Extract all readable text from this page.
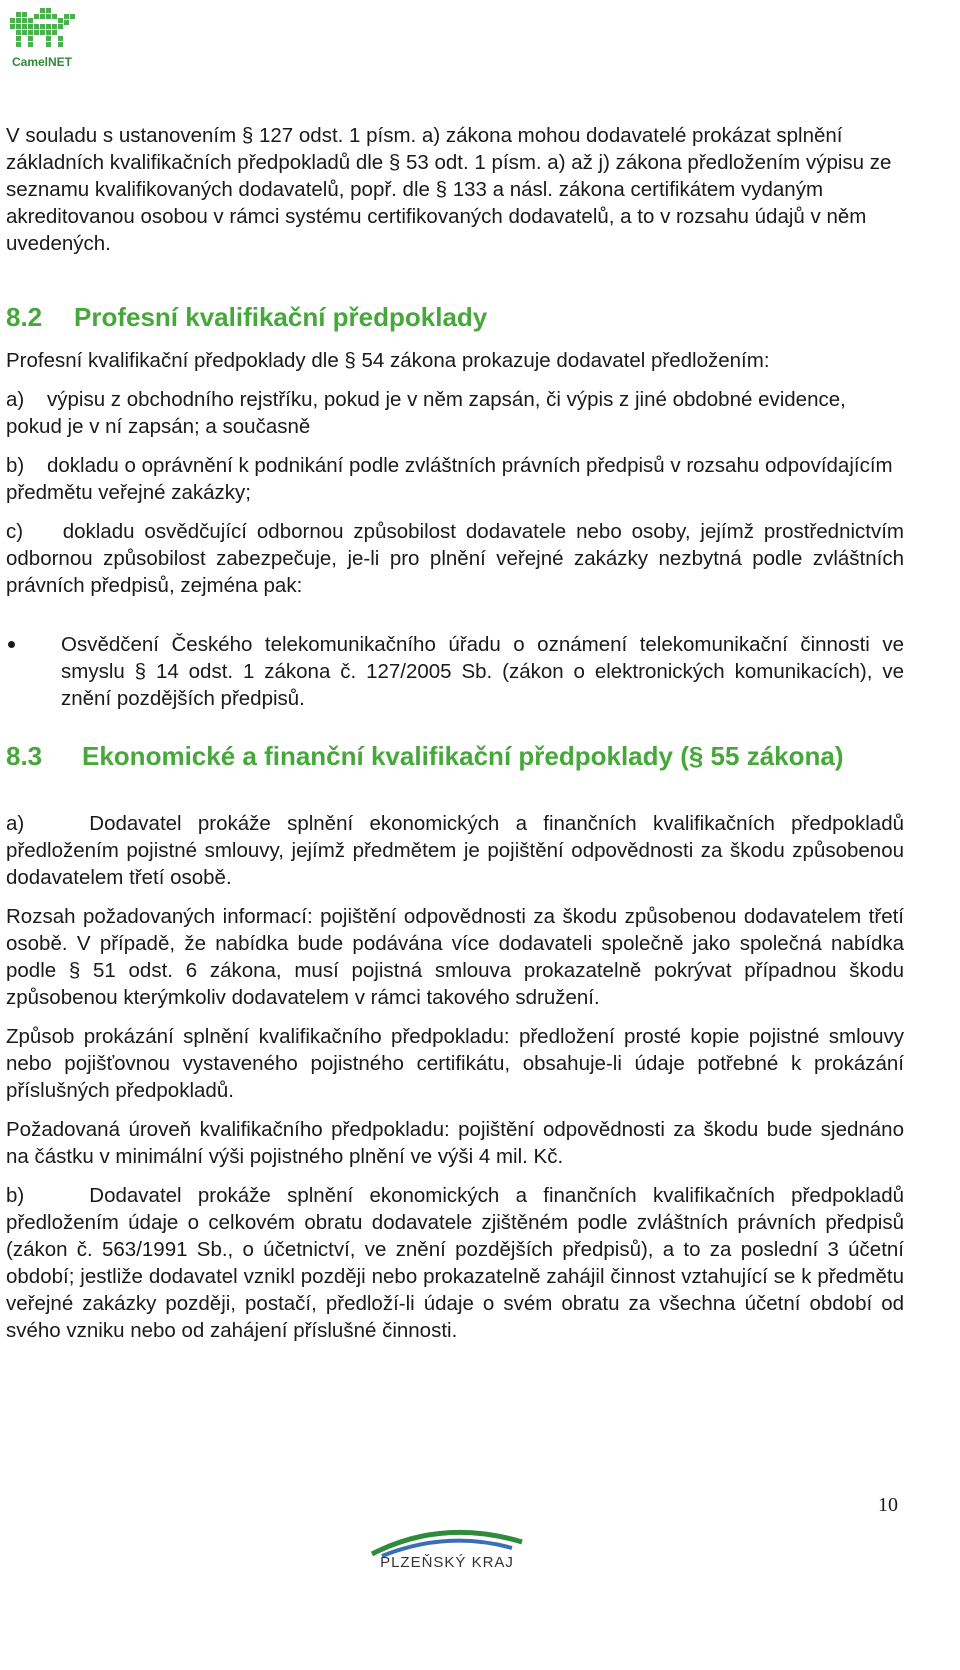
CamelNET

V souladu s ustanovením § 127 odst. 1 písm. a) zákona mohou dodavatelé prokázat splnění základních kvalifikačních předpokladů dle § 53 odt. 1 písm. a) až j) zákona předložením výpisu ze seznamu kvalifikovaných dodavatelů, popř. dle § 133 a násl. zákona certifikátem vydaným akreditovanou osobou v rámci systému certifikovaných dodavatelů, a to v rozsahu údajů v něm uvedených.

8.2 Profesní kvalifikační předpoklady

Profesní kvalifikační předpoklady dle § 54 zákona prokazuje dodavatel předložením:

a)    výpisu z obchodního rejstříku, pokud je v něm zapsán, či výpis z jiné obdobné evidence, pokud je v ní zapsán; a současně

b)    dokladu o oprávnění k podnikání podle zvláštních právních předpisů v rozsahu odpovídajícím předmětu veřejné zakázky;

c)    dokladu osvědčující odbornou způsobilost dodavatele nebo osoby, jejímž prostřednictvím odbornou způsobilost zabezpečuje, je-li pro plnění veřejné zakázky nezbytná podle zvláštních právních předpisů, zejména pak:

Osvědčení Českého telekomunikačního úřadu o oznámení telekomunikační činnosti ve smyslu § 14 odst. 1 zákona č. 127/2005 Sb. (zákon o elektronických komunikacích), ve znění pozdějších předpisů.
8.3 Ekonomické a finanční kvalifikační předpoklady (§ 55 zákona)

a)    Dodavatel prokáže splnění ekonomických a finančních kvalifikačních předpokladů předložením pojistné smlouvy, jejímž předmětem je pojištění odpovědnosti za škodu způsobenou dodavatelem třetí osobě.

Rozsah požadovaných informací: pojištění odpovědnosti za škodu způsobenou dodavatelem třetí osobě. V případě, že nabídka bude podávána více dodavateli společně jako společná nabídka podle § 51 odst. 6 zákona, musí pojistná smlouva prokazatelně pokrývat případnou škodu způsobenou kterýmkoliv dodavatelem v rámci takového sdružení.

Způsob prokázání splnění kvalifikačního předpokladu: předložení prosté kopie pojistné smlouvy nebo pojišťovnou vystaveného pojistného certifikátu, obsahuje-li údaje potřebné k prokázání příslušných předpokladů.

Požadovaná úroveň kvalifikačního předpokladu: pojištění odpovědnosti za škodu bude sjednáno na částku v minimální výši pojistného plnění ve výši 4 mil. Kč.

b)    Dodavatel prokáže splnění ekonomických a finančních kvalifikačních předpokladů předložením údaje o celkovém obratu dodavatele zjištěném podle zvláštních právních předpisů (zákon č. 563/1991 Sb., o účetnictví, ve znění pozdějších předpisů), a to za poslední 3 účetní období; jestliže dodavatel vznikl později nebo prokazatelně zahájil činnost vztahující se k předmětu veřejné zakázky později, postačí, předloží-li údaje o svém obratu za všechna účetní období od svého vzniku nebo od zahájení příslušné činnosti.

10
PLZEŇSKÝ KRAJ
